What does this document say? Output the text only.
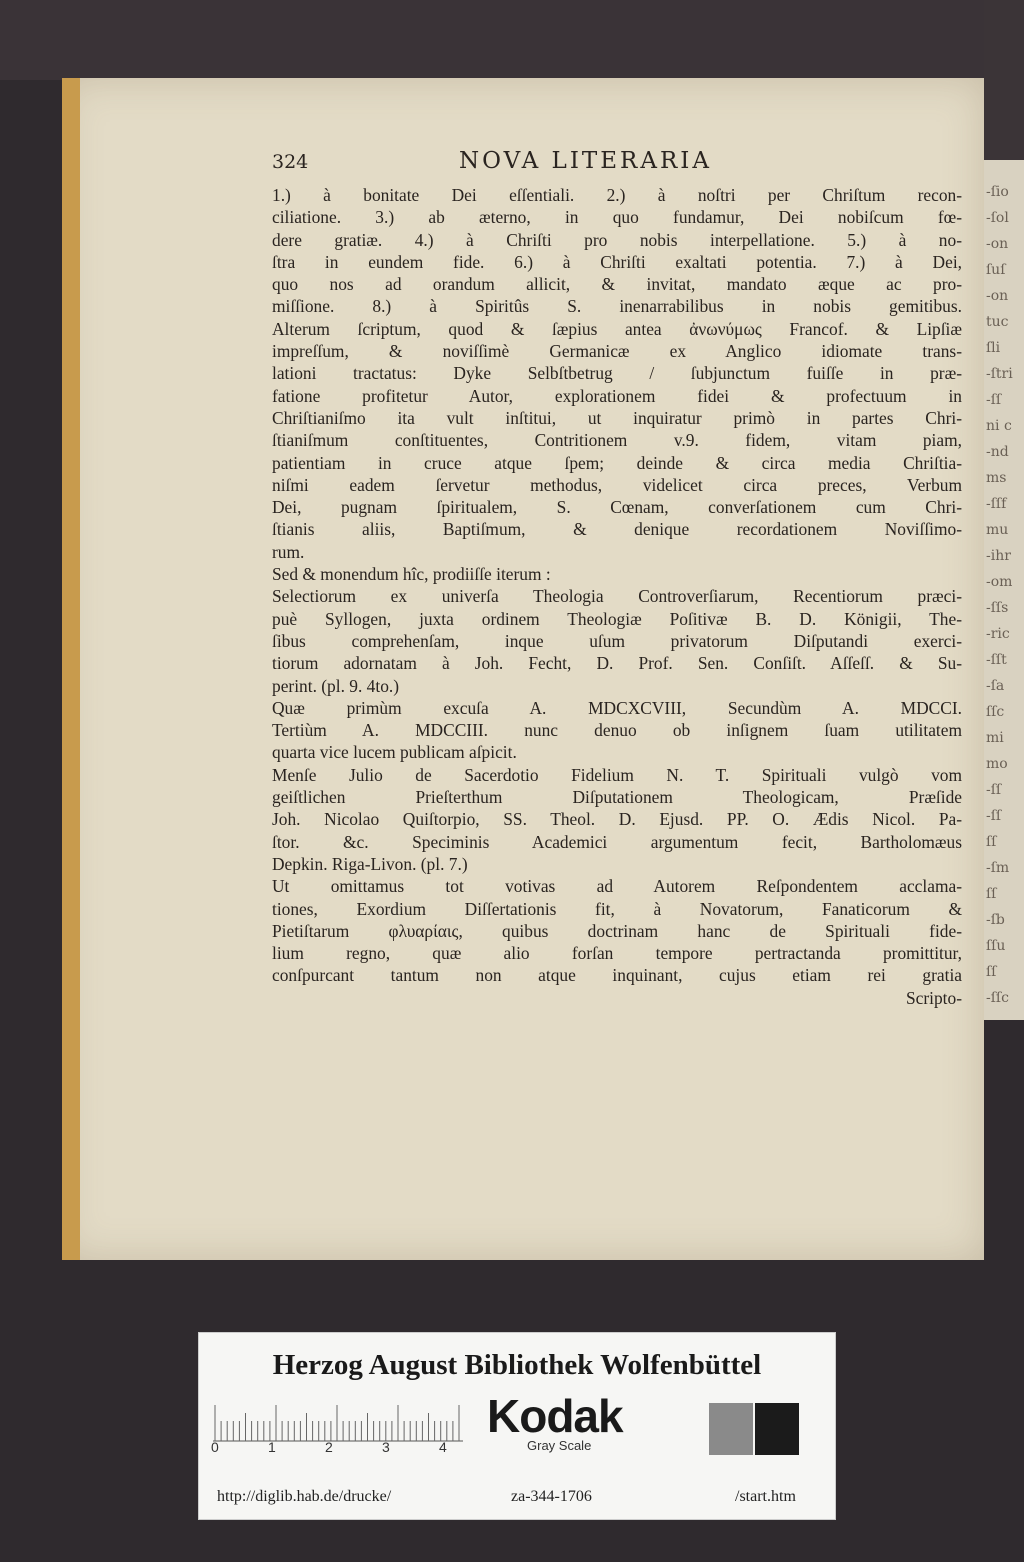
-ſio
-ſol
-on
ſuſ
-on
tuc
ſli
-ſtri
-ſſ
ni c
-nd
ms
-ſſf
mu
-ihr
-om
-ſſs
-ric
-ſſt
-ſa
ſſc
mi
mo
-ſſ
-ſſ
ſſ
-ſm
ſſ
-ſb
ſſu
ſſ
-ſſc
324	NOVA LITERARIA
1.) à bonitate Dei eſſentiali. 2.) à noſtri per Chriſtum recon-
ciliatione. 3.) ab æterno, in quo fundamur, Dei nobiſcum fœ-
dere gratiæ. 4.) à Chriſti pro nobis interpellatione. 5.) à no-
ſtra in eundem fide. 6.) à Chriſti exaltati potentia. 7.) à Dei,
quo nos ad orandum allicit, & invitat, mandato æque ac pro-
miſſione. 8.) à Spiritûs S. inenarrabilibus in nobis gemitibus.
Alterum ſcriptum, quod & ſæpius antea ἀνωνύμως Francof. & Lipſiæ
impreſſum, & noviſſimè Germanicæ ex Anglico idiomate trans-
lationi tractatus: Dyke Selbſtbetrug / ſubjunctum fuiſſe in præ-
fatione profitetur Autor, explorationem fidei & profectuum in
Chriſtianiſmo ita vult inſtitui, ut inquiratur primò in partes Chri-
ſtianiſmum conſtituentes, Contritionem v.9. fidem, vitam piam,
patientiam in cruce atque ſpem; deinde & circa media Chriſtia-
niſmi eadem ſervetur methodus, videlicet circa preces, Verbum
Dei, pugnam ſpiritualem, S. Cœnam, converſationem cum Chri-
ſtianis aliis, Baptiſmum, & denique recordationem Noviſſimo-
rum.
Sed & monendum hîc, prodiiſſe iterum :
Selectiorum ex univerſa Theologia Controverſiarum, Recentiorum præci-
puè Syllogen, juxta ordinem Theologiæ Poſitivæ B. D. Königii, The-
ſibus comprehenſam, inque uſum privatorum Diſputandi exerci-
tiorum adornatam à Joh. Fecht, D. Prof. Sen. Conſiſt. Aſſeſſ. & Su-
perint. (pl. 9. 4to.)
Quæ primùm excuſa A. MDCXCVIII, Secundùm A. MDCCI.
Tertiùm A. MDCCIII. nunc denuo ob inſignem ſuam utilitatem
quarta vice lucem publicam aſpicit.
Menſe Julio de Sacerdotio Fidelium N. T. Spirituali vulgò vom
geiſtlichen Prieſterthum Diſputationem Theologicam, Præſide
Joh. Nicolao Quiſtorpio, SS. Theol. D. Ejusd. PP. O. Ædis Nicol. Pa-
ſtor. &c. Speciminis Academici argumentum fecit, Bartholomæus
Depkin. Riga-Livon. (pl. 7.)
Ut omittamus tot votivas ad Autorem Reſpondentem acclama-
tiones, Exordium Diſſertationis fit, à Novatorum, Fanaticorum &
Pietiſtarum φλυαρίαις, quibus doctrinam hanc de Spirituali fide-
lium regno, quæ alio forſan tempore pertractanda promittitur,
conſpurcant tantum non atque inquinant, cujus etiam rei gratia
Scripto-
Herzog August Bibliothek Wolfenbüttel
0	1	2	3	4
Kodak
Gray Scale
http://diglib.hab.de/drucke/	za-344-1706	/start.htm
